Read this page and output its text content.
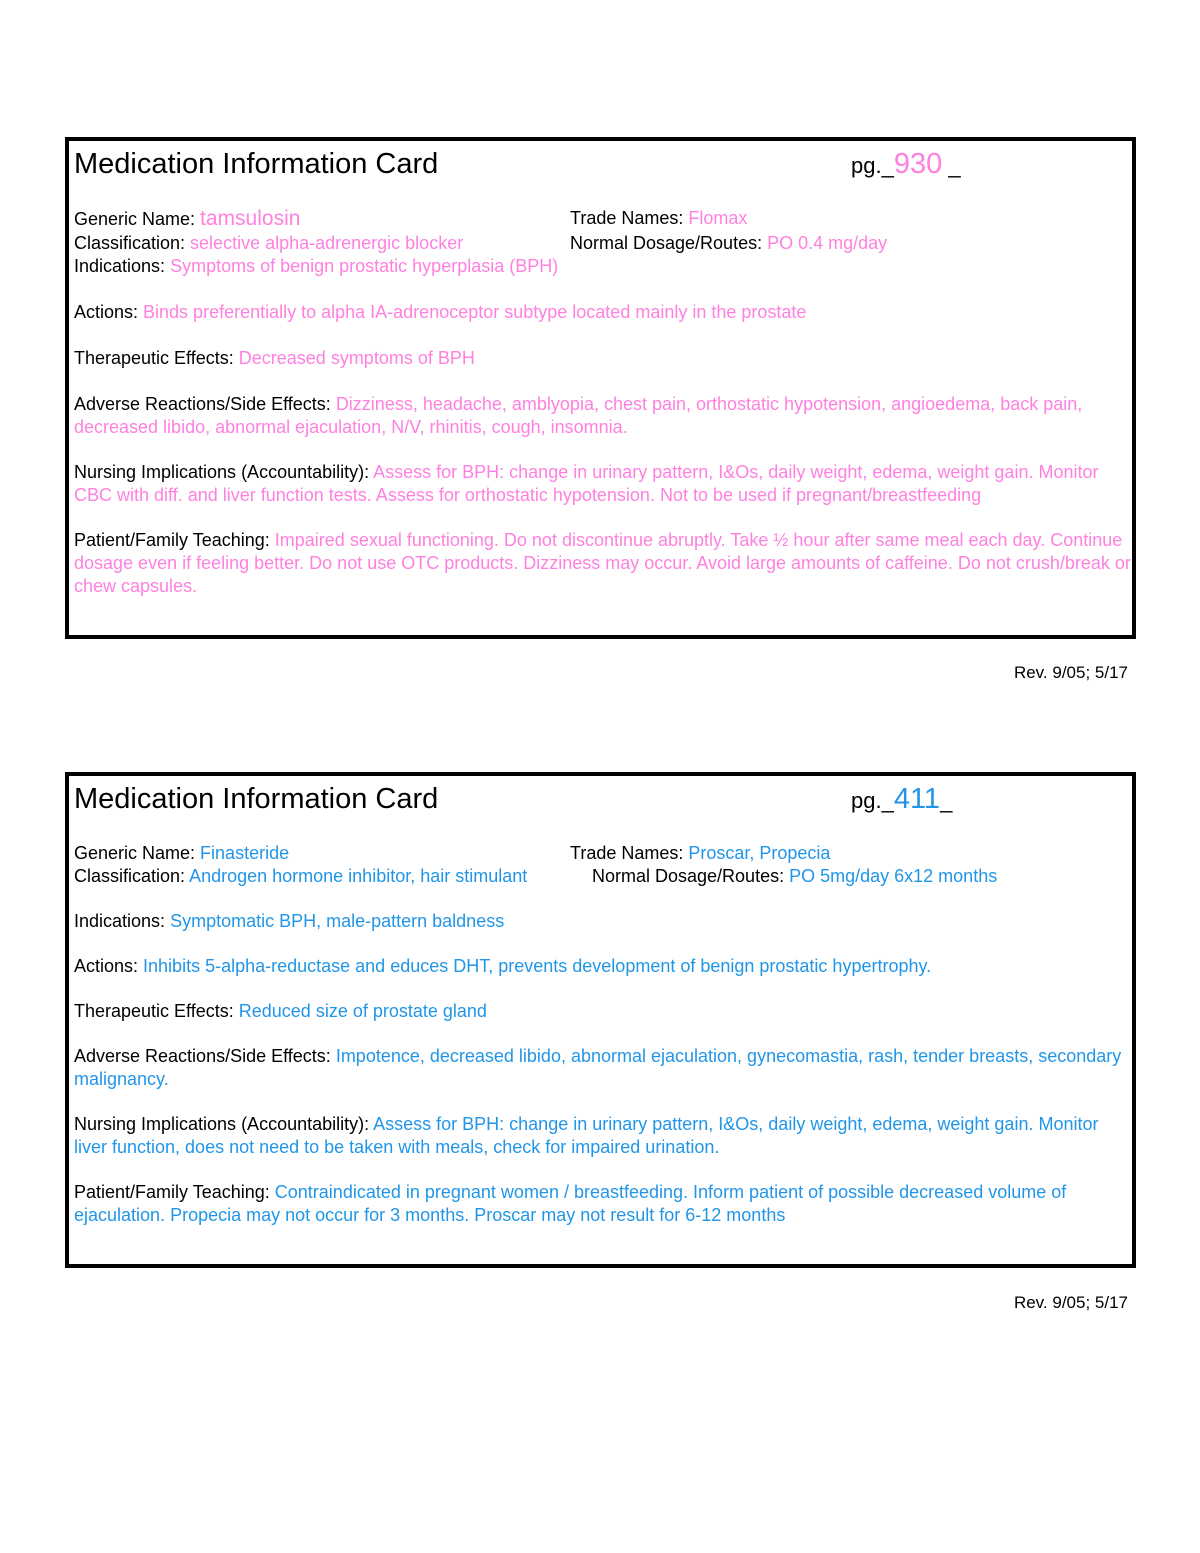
Medication Information Card	pg._930 _
Generic Name: tamsulosin	Trade Names: Flomax
Classification: selective alpha-adrenergic blocker	Normal Dosage/Routes: PO 0.4 mg/day
Indications: Symptoms of benign prostatic hyperplasia (BPH)
Actions: Binds preferentially to alpha IA-adrenoceptor subtype located mainly in the prostate
Therapeutic Effects: Decreased symptoms of BPH
Adverse Reactions/Side Effects: Dizziness, headache, amblyopia, chest pain, orthostatic hypotension, angioedema, back pain, decreased libido, abnormal ejaculation, N/V, rhinitis, cough, insomnia.
Nursing Implications (Accountability): Assess for BPH: change in urinary pattern, I&Os, daily weight, edema, weight gain. Monitor CBC with diff. and liver function tests. Assess for orthostatic hypotension. Not to be used if pregnant/breastfeeding
Patient/Family Teaching: Impaired sexual functioning. Do not discontinue abruptly. Take ½ hour after same meal each day. Continue dosage even if feeling better. Do not use OTC products. Dizziness may occur. Avoid large amounts of caffeine. Do not crush/break or chew capsules.
Rev. 9/05; 5/17
Medication Information Card	pg._411_
Generic Name: Finasteride	Trade Names: Proscar, Propecia
Classification: Androgen hormone inhibitor, hair stimulant	Normal Dosage/Routes: PO 5mg/day 6x12 months
Indications: Symptomatic BPH, male-pattern baldness
Actions: Inhibits 5-alpha-reductase and educes DHT, prevents development of benign prostatic hypertrophy.
Therapeutic Effects: Reduced size of prostate gland
Adverse Reactions/Side Effects: Impotence, decreased libido, abnormal ejaculation, gynecomastia, rash, tender breasts, secondary malignancy.
Nursing Implications (Accountability): Assess for BPH: change in urinary pattern, I&Os, daily weight, edema, weight gain. Monitor liver function, does not need to be taken with meals, check for impaired urination.
Patient/Family Teaching: Contraindicated in pregnant women / breastfeeding. Inform patient of possible decreased volume of ejaculation. Propecia may not occur for 3 months. Proscar may not result for 6-12 months
Rev. 9/05; 5/17
